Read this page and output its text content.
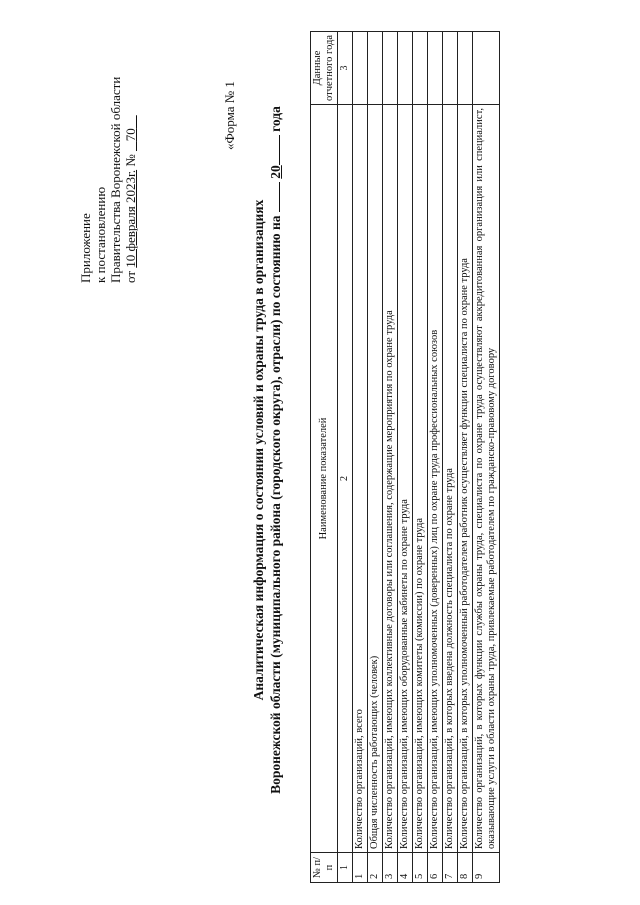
Приложение к постановлению Правительства Воронежской области от 10 февраля 2023г. №    70	«Форма № 1
Аналитическая информация о состоянии условий и охраны труда в организациях Воронежской области (муниципального района (городского округа), отрасли) по состоянию на  20 года
№ п/п	Наименование показателей	Данные отчетного года
1	2	3
1	Количество организаций, всего	
2	Общая численность работающих (человек)	
3	Количество организаций, имеющих коллективные договоры или соглашения, содержащие мероприятия по охране труда	
4	Количество организаций, имеющих оборудованные кабинеты по охране труда	
5	Количество организаций, имеющих комитеты (комиссии) по охране труда	
6	Количество организаций, имеющих уполномоченных (доверенных) лиц по охране труда профессиональных союзов	
7	Количество организаций, в которых введена должность специалиста по охране труда	
8	Количество организаций, в которых уполномоченный работодателем работник осуществляет функции специалиста по охране труда	
9	Количество организаций, в которых функции службы охраны труда, специалиста по охране труда осуществляют аккредитованная организация или специалист, оказывающие услуги в области охраны труда, привлекаемые работодателем по гражданско-правовому договору	
